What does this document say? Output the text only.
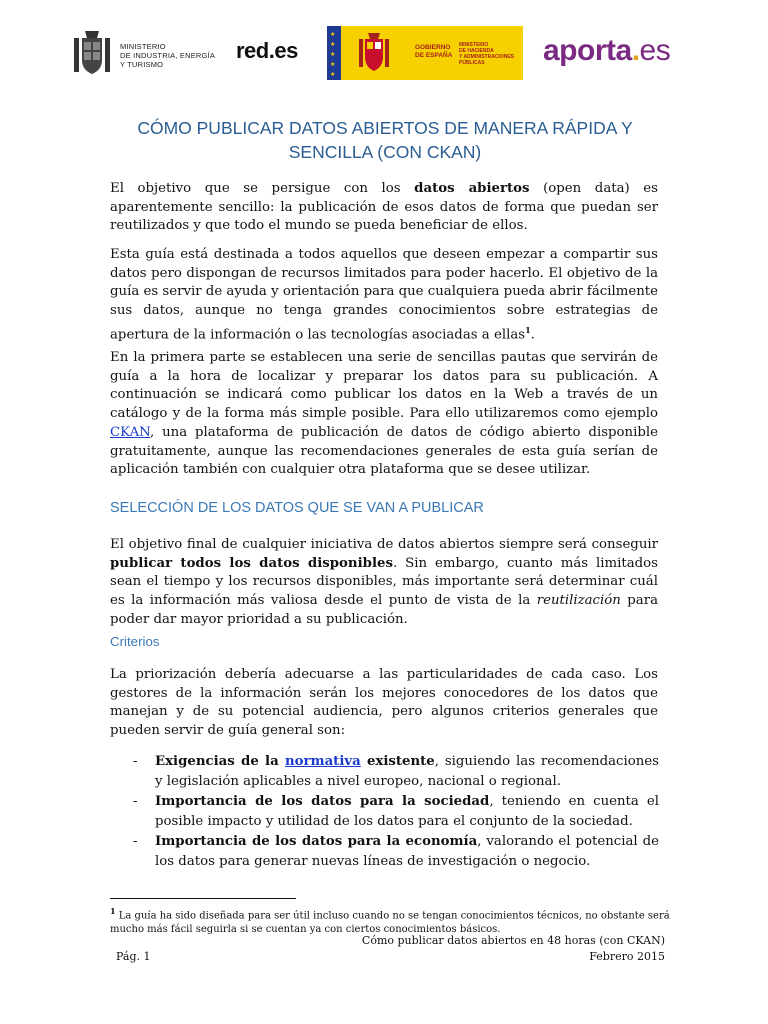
MINISTERIO
DE INDUSTRIA, ENERGÍA
Y TURISMO
red.es
★
★
★
★
★
GOBIERNO
DE ESPAÑA
MINISTERIO
DE HACIENDA
Y ADMINISTRACIONES PÚBLICAS	aporta.es
CÓMO PUBLICAR DATOS ABIERTOS DE MANERA RÁPIDA Y
SENCILLA (CON CKAN)

El objetivo que se persigue con los datos abiertos (open data) es aparentemente sencillo: la publicación de esos datos de forma que puedan ser reutilizados y que todo el mundo se pueda beneficiar de ellos.

Esta guía está destinada a todos aquellos que deseen empezar a compartir sus datos pero dispongan de recursos limitados para poder hacerlo. El objetivo de la guía es servir de ayuda y orientación para que cualquiera pueda abrir fácilmente sus datos, aunque no tenga grandes conocimientos sobre estrategias de apertura de la información o las tecnologías asociadas a ellas$^1$.

En la primera parte se establecen una serie de sencillas pautas que servirán de guía a la hora de localizar y preparar los datos para su publicación. A continuación se indicará como publicar los datos en la Web a través de un catálogo y de la forma más simple posible. Para ello utilizaremos como ejemplo CKAN, una plataforma de publicación de datos de código abierto disponible gratuitamente, aunque las recomendaciones generales de esta guía serían de aplicación también con cualquier otra plataforma que se desee utilizar.

SELECCIÓN DE LOS DATOS QUE SE VAN A PUBLICAR

El objetivo final de cualquier iniciativa de datos abiertos siempre será conseguir publicar todos los datos disponibles. Sin embargo, cuanto más limitados sean el tiempo y los recursos disponibles, más importante será determinar cuál es la información más valiosa desde el punto de vista de la reutilización para poder dar mayor prioridad a su publicación.

Criterios

La priorización debería adecuarse a las particularidades de cada caso. Los gestores de la información serán los mejores conocedores de los datos que manejan y de su potencial audiencia, pero algunos criterios generales que pueden servir de guía general son:

- Exigencias de la normativa existente, siguiendo las recomendaciones y legislación aplicables a nivel europeo, nacional o regional.
- Importancia de los datos para la sociedad, teniendo en cuenta el posible impacto y utilidad de los datos para el conjunto de la sociedad.
- Importancia de los datos para la economía, valorando el potencial de los datos para generar nuevas líneas de investigación o negocio.
$^1$ La guía ha sido diseñada para ser útil incluso cuando no se tengan conocimientos técnicos, no obstante será mucho más fácil seguirla si se cuentan ya con ciertos conocimientos básicos.
Cómo publicar datos abiertos en 48 horas (con CKAN)
Pág. 1	Febrero 2015
